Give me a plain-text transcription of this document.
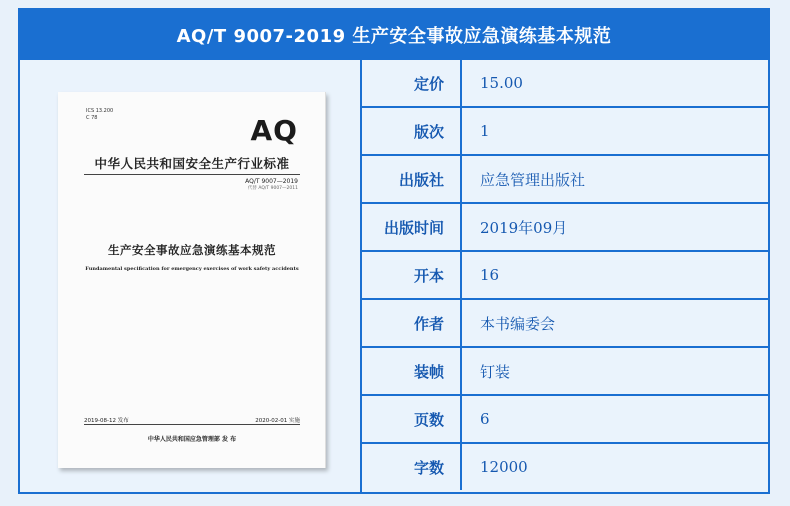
AQ/T 9007-2019 生产安全事故应急演练基本规范
ICS 13.200
C 78	AQ
中华人民共和国安全生产行业标准
AQ/T 9007—2019
代替 AQ/T 9007—2011
生产安全事故应急演练基本规范
Fundamental specification for emergency exercises of work safety accidents
2019-08-12 发布	2020-02-01 实施
中华人民共和国应急管理部 发 布
定价	15.00
版次	1
出版社	应急管理出版社
出版时间	2019年09月
开本	16
作者	本书编委会
装帧	钉装
页数	6
字数	12000
